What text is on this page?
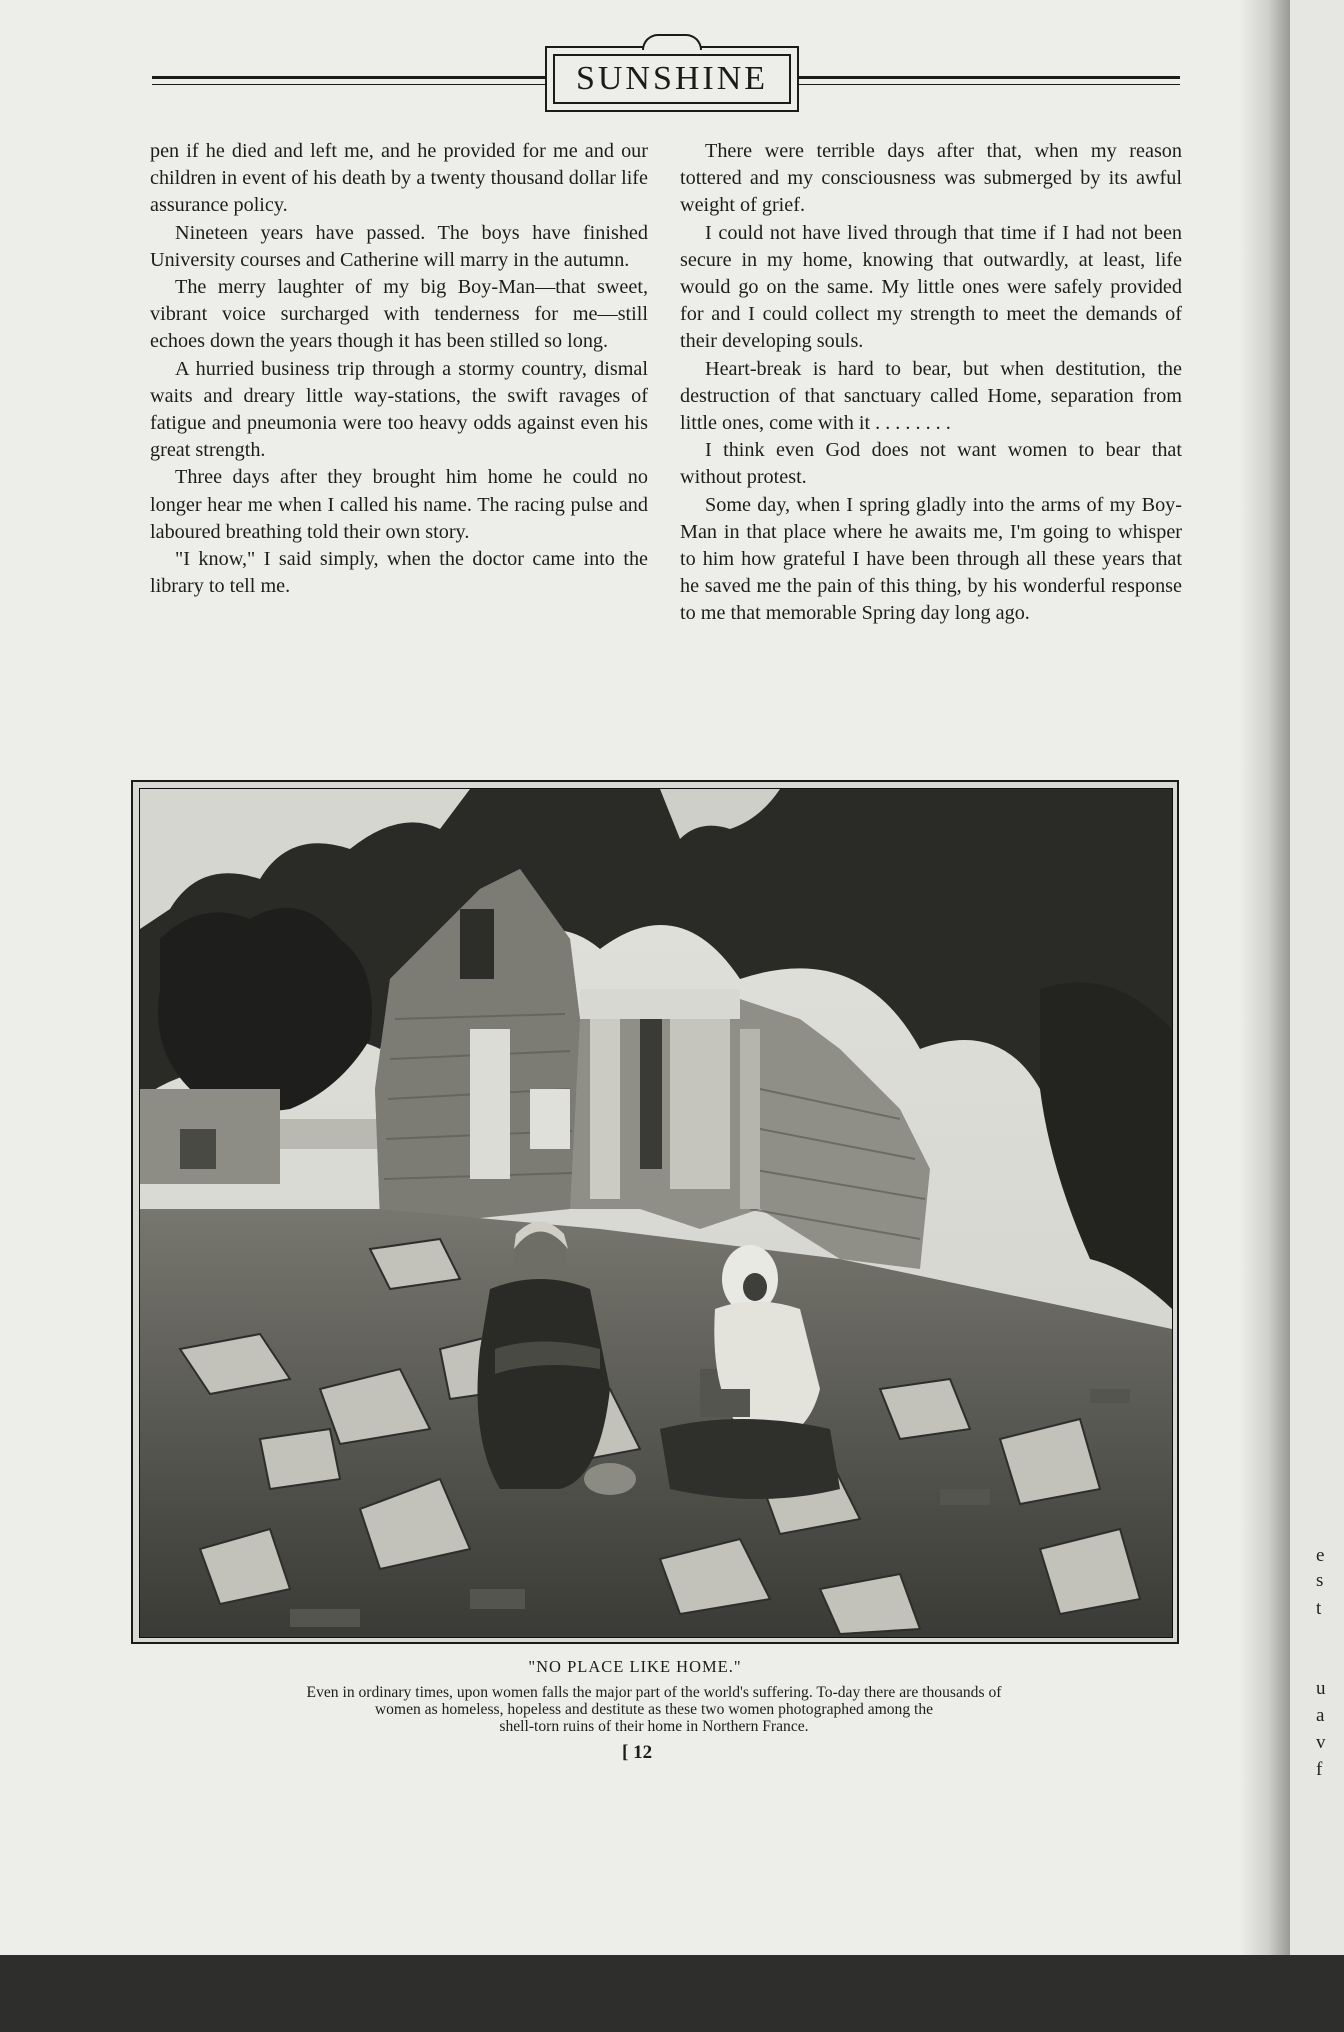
SUNSHINE

pen if he died and left me, and he provided for me and our children in event of his death by a twenty thousand dollar life assurance policy.

Nineteen years have passed. The boys have finished University courses and Catherine will marry in the autumn.

The merry laughter of my big Boy-Man—that sweet, vibrant voice surcharged with tenderness for me—still echoes down the years though it has been stilled so long.

A hurried business trip through a stormy country, dismal waits and dreary little way-stations, the swift ravages of fatigue and pneumonia were too heavy odds against even his great strength.

Three days after they brought him home he could no longer hear me when I called his name. The racing pulse and laboured breathing told their own story.

"I know," I said simply, when the doctor came into the library to tell me.

There were terrible days after that, when my reason tottered and my consciousness was submerged by its awful weight of grief.

I could not have lived through that time if I had not been secure in my home, knowing that outwardly, at least, life would go on the same. My little ones were safely provided for and I could collect my strength to meet the demands of their developing souls.

Heart-break is hard to bear, but when destitution, the destruction of that sanctuary called Home, separation from little ones, come with it . . . . . . . .

I think even God does not want women to bear that without protest.

Some day, when I spring gladly into the arms of my Boy-Man in that place where he awaits me, I'm going to whisper to him how grateful I have been through all these years that he saved me the pain of this thing, by his wonderful response to me that memorable Spring day long ago.

"NO PLACE LIKE HOME."
Even in ordinary times, upon women falls the major part of the world's suffering. To-day there are thousands of
women as homeless, hopeless and destitute as these two women photographed among the
shell-torn ruins of their home in Northern France.
[ 12
e
s
t
u
a
v
f
